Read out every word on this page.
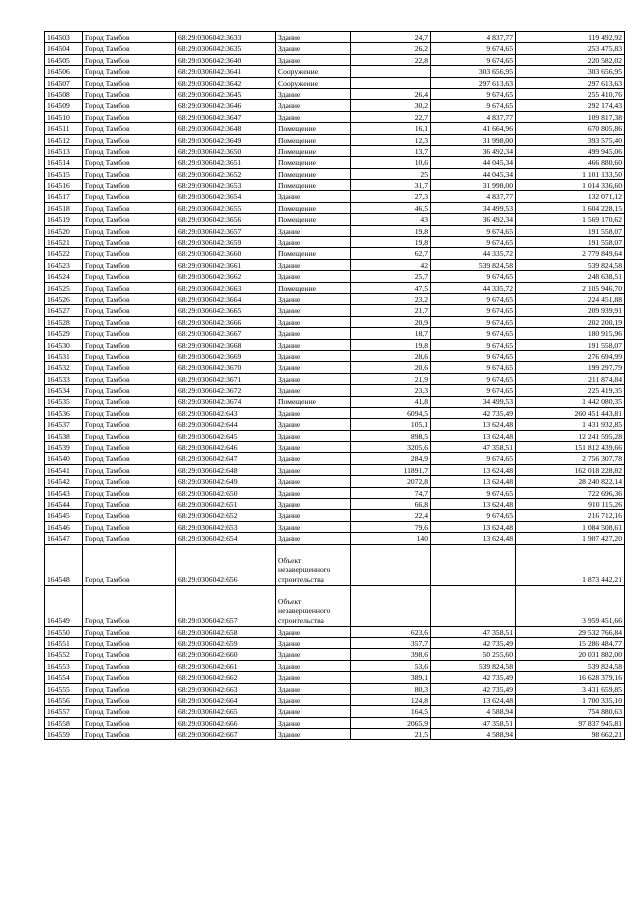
164503	Город Тамбов	68:29:0306042:3633	Здание	24,7	4 837,77	119 492,92
164504	Город Тамбов	68:29:0306042:3635	Здание	26,2	9 674,65	253 475,83
164505	Город Тамбов	68:29:0306042:3640	Здание	22,8	9 674,65	220 582,02
164506	Город Тамбов	68:29:0306042:3641	Сооружение		303 656,95	303 656,95
164507	Город Тамбов	68:29:0306042:3642	Сооружение		297 613,63	297 613,63
164508	Город Тамбов	68:29:0306042:3645	Здание	26,4	9 674,65	255 410,76
164509	Город Тамбов	68:29:0306042:3646	Здание	30,2	9 674,65	292 174,43
164510	Город Тамбов	68:29:0306042:3647	Здание	22,7	4 837,77	109 817,38
164511	Город Тамбов	68:29:0306042:3648	Помещение	16,1	41 664,96	670 805,86
164512	Город Тамбов	68:29:0306042:3649	Помещение	12,3	31 998,00	393 575,40
164513	Город Тамбов	68:29:0306042:3650	Помещение	13,7	36 492,34	499 945,06
164514	Город Тамбов	68:29:0306042:3651	Помещение	10,6	44 045,34	466 880,60
164515	Город Тамбов	68:29:0306042:3652	Помещение	25	44 045,34	1 101 133,50
164516	Город Тамбов	68:29:0306042:3653	Помещение	31,7	31 998,00	1 014 336,60
164517	Город Тамбов	68:29:0306042:3654	Здание	27,3	4 837,77	132 071,12
164518	Город Тамбов	68:29:0306042:3655	Помещение	46,5	34 499,53	1 604 228,15
164519	Город Тамбов	68:29:0306042:3656	Помещение	43	36 492,34	1 569 170,62
164520	Город Тамбов	68:29:0306042:3657	Здание	19,8	9 674,65	191 558,07
164521	Город Тамбов	68:29:0306042:3659	Здание	19,8	9 674,65	191 558,07
164522	Город Тамбов	68:29:0306042:3660	Помещение	62,7	44 335,72	2 779 849,64
164523	Город Тамбов	68:29:0306042:3661	Здание	42	539 824,58	539 824,58
164524	Город Тамбов	68:29:0306042:3662	Здание	25,7	9 674,65	248 638,51
164525	Город Тамбов	68:29:0306042:3663	Помещение	47,5	44 335,72	2 105 946,70
164526	Город Тамбов	68:29:0306042:3664	Здание	23,2	9 674,65	224 451,88
164527	Город Тамбов	68:29:0306042:3665	Здание	21,7	9 674,65	209 939,91
164528	Город Тамбов	68:29:0306042:3666	Здание	20,9	9 674,65	202 200,19
164529	Город Тамбов	68:29:0306042:3667	Здание	18,7	9 674,65	180 915,96
164530	Город Тамбов	68:29:0306042:3668	Здание	19,8	9 674,65	191 558,07
164531	Город Тамбов	68:29:0306042:3669	Здание	28,6	9 674,65	276 694,99
164532	Город Тамбов	68:29:0306042:3670	Здание	20,6	9 674,65	199 297,79
164533	Город Тамбов	68:29:0306042:3671	Здание	21,9	9 674,65	211 874,84
164534	Город Тамбов	68:29:0306042:3672	Здание	23,3	9 674,65	225 419,35
164535	Город Тамбов	68:29:0306042:3674	Помещение	41,8	34 499,53	1 442 080,35
164536	Город Тамбов	68:29:0306042:643	Здание	6094,5	42 735,49	260 451 443,81
164537	Город Тамбов	68:29:0306042:644	Здание	105,1	13 624,48	1 431 932,85
164538	Город Тамбов	68:29:0306042:645	Здание	898,5	13 624,48	12 241 595,28
164539	Город Тамбов	68:29:0306042:646	Здание	3205,6	47 358,51	151 812 439,66
164540	Город Тамбов	68:29:0306042:647	Здание	284,9	9 674,65	2 756 307,78
164541	Город Тамбов	68:29:0306042:648	Здание	11891,7	13 624,48	162 018 228,82
164542	Город Тамбов	68:29:0306042:649	Здание	2072,8	13 624,48	28 240 822,14
164543	Город Тамбов	68:29:0306042:650	Здание	74,7	9 674,65	722 696,36
164544	Город Тамбов	68:29:0306042:651	Здание	66,8	13 624,48	910 115,26
164545	Город Тамбов	68:29:0306042:652	Здание	22,4	9 674,65	216 712,16
164546	Город Тамбов	68:29:0306042:653	Здание	79,6	13 624,48	1 084 508,61
164547	Город Тамбов	68:29:0306042:654	Здание	140	13 624,48	1 907 427,20
164548	Город Тамбов	68:29:0306042:656	Объект незавершенного строительства			1 873 442,21
164549	Город Тамбов	68:29:0306042:657	Объект незавершенного строительства			3 959 451,66
164550	Город Тамбов	68:29:0306042:658	Здание	623,6	47 358,51	29 532 766,84
164551	Город Тамбов	68:29:0306042:659	Здание	357,7	42 735,49	15 286 484,77
164552	Город Тамбов	68:29:0306042:660	Здание	398,6	50 255,60	20 031 882,00
164553	Город Тамбов	68:29:0306042:661	Здание	53,6	539 824,58	539 824,58
164554	Город Тамбов	68:29:0306042:662	Здание	389,1	42 735,49	16 628 379,16
164555	Город Тамбов	68:29:0306042:663	Здание	80,3	42 735,49	3 431 659,85
164556	Город Тамбов	68:29:0306042:664	Здание	124,8	13 624,48	1 700 335,10
164557	Город Тамбов	68:29:0306042:665	Здание	164,5	4 588,94	754 880,63
164558	Город Тамбов	68:29:0306042:666	Здание	2065,9	47 358,51	97 837 945,81
164559	Город Тамбов	68:29:0306042:667	Здание	21,5	4 588,94	98 662,21
